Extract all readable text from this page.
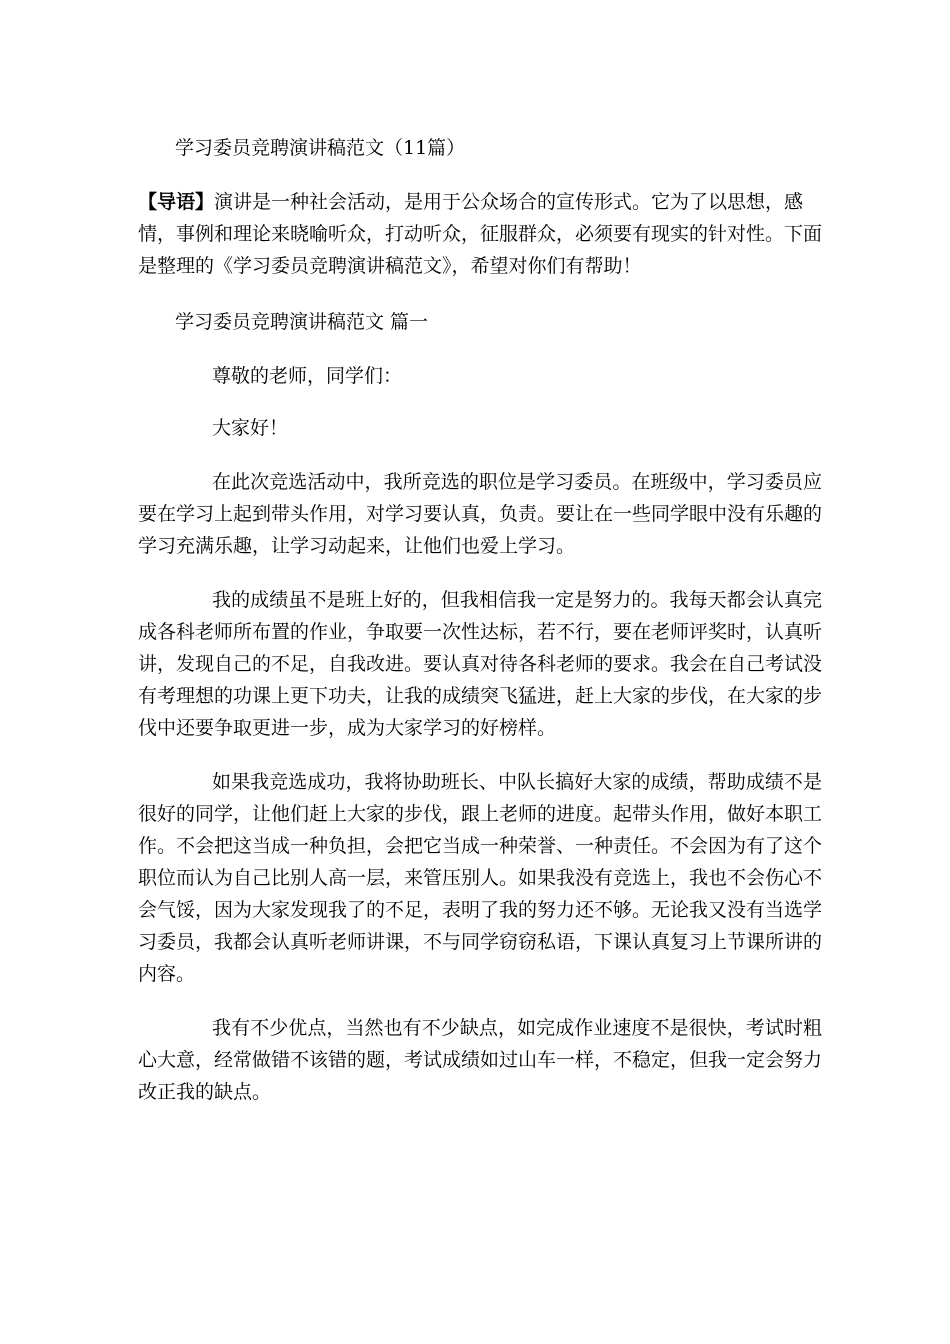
学习委员竞聘演讲稿范文（11篇）

【导语】演讲是一种社会活动，是用于公众场合的宣传形式。它为了以思想，感情，事例和理论来晓喻听众，打动听众，征服群众，必须要有现实的针对性。下面是整理的《学习委员竞聘演讲稿范文》，希望对你们有帮助！

学习委员竞聘演讲稿范文 篇一

尊敬的老师，同学们：

大家好！

在此次竞选活动中，我所竞选的职位是学习委员。在班级中，学习委员应要在学习上起到带头作用，对学习要认真，负责。要让在一些同学眼中没有乐趣的学习充满乐趣，让学习动起来，让他们也爱上学习。

我的成绩虽不是班上好的，但我相信我一定是努力的。我每天都会认真完成各科老师所布置的作业，争取要一次性达标，若不行，要在老师评奖时，认真听讲，发现自己的不足，自我改进。要认真对待各科老师的要求。我会在自己考试没有考理想的功课上更下功夫，让我的成绩突飞猛进，赶上大家的步伐，在大家的步伐中还要争取更进一步，成为大家学习的好榜样。

如果我竞选成功，我将协助班长、中队长搞好大家的成绩，帮助成绩不是很好的同学，让他们赶上大家的步伐，跟上老师的进度。起带头作用，做好本职工作。不会把这当成一种负担，会把它当成一种荣誉、一种责任。不会因为有了这个职位而认为自己比别人高一层，来管压别人。如果我没有竞选上，我也不会伤心不会气馁，因为大家发现我了的不足，表明了我的努力还不够。无论我又没有当选学习委员，我都会认真听老师讲课，不与同学窃窃私语，下课认真复习上节课所讲的内容。

我有不少优点，当然也有不少缺点，如完成作业速度不是很快，考试时粗心大意，经常做错不该错的题，考试成绩如过山车一样，不稳定，但我一定会努力改正我的缺点。
